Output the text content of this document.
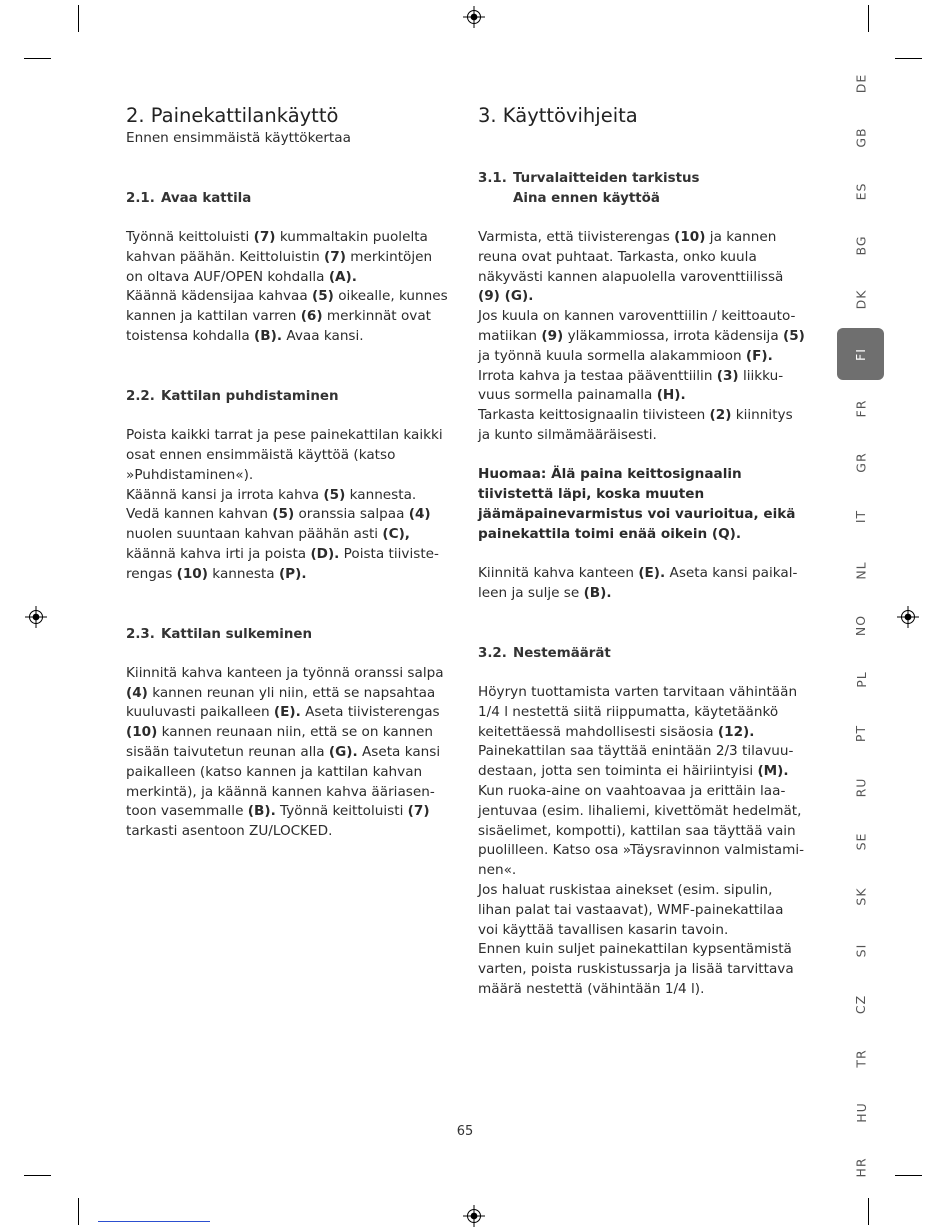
2. Painekattilankäyttö

Ennen ensimmäistä käyttökertaa

2.1. Avaa kattila

Työnnä keittoluisti (7) kummaltakin puolelta kahvan päähän. Keittoluistin (7) merkintöjen on oltava AUF/OPEN kohdalla (A).
Käännä kädensijaa kahvaa (5) oikealle, kunnes kannen ja kattilan varren (6) merkinnät ovat toistensa kohdalla (B). Avaa kansi.

2.2. Kattilan puhdistaminen

Poista kaikki tarrat ja pese painekattilan kaikki osat ennen ensimmäistä käyttöä (katso »Puhdistaminen«).
Käännä kansi ja irrota kahva (5) kannesta. Vedä kannen kahvan (5) oranssia salpaa (4) nuolen suuntaan kahvan päähän asti (C), käännä kahva irti ja poista (D). Poista tiiviste-rengas (10) kannesta (P).

2.3. Kattilan sulkeminen

Kiinnitä kahva kanteen ja työnnä oranssi salpa (4) kannen reunan yli niin, että se napsahtaa kuuluvasti paikalleen (E). Aseta tiivisterengas (10) kannen reunaan niin, että se on kannen sisään taivutetun reunan alla (G). Aseta kansi paikalleen (katso kannen ja kattilan kahvan merkintä), ja käännä kannen kahva ääriasen-toon vasemmalle (B). Työnnä keittoluisti (7) tarkasti asentoon ZU/LOCKED.

3. Käyttövihjeita

3.1. Turvalaitteiden tarkistus
Aina ennen käyttöä

Varmista, että tiivisterengas (10) ja kannen reuna ovat puhtaat. Tarkasta, onko kuula näkyvästi kannen alapuolella varoventtiilissä (9) (G).
Jos kuula on kannen varoventtiilin / keittoauto-matiikan (9) yläkammiossa, irrota kädensija (5) ja työnnä kuula sormella alakammioon (F).
Irrota kahva ja testaa pääventtiilin (3) liikku-vuus sormella painamalla (H).
Tarkasta keittosignaalin tiivisteen (2) kiinnitys ja kunto silmämääräisesti.

Huomaa: Älä paina keittosignaalin tiivistettä läpi, koska muuten jäämäpainevarmistus voi vaurioitua, eikä painekattila toimi enää oikein (Q).

Kiinnitä kahva kanteen (E). Aseta kansi paikal-leen ja sulje se (B).

3.2. Nestemäärät

Höyryn tuottamista varten tarvitaan vähintään 1/4 l nestettä siitä riippumatta, käytetäänkö keitettäessä mahdollisesti sisäosia (12).
Painekattilan saa täyttää enintään 2/3 tilavuu-destaan, jotta sen toiminta ei häiriintyisi (M).
Kun ruoka-aine on vaahtoavaa ja erittäin laa-jentuvaa (esim. lihaliemi, kivettömät hedelmät, sisäelimet, kompotti), kattilan saa täyttää vain puolilleen. Katso osa »Täysravinnon valmistami-nen«.
Jos haluat ruskistaa ainekset (esim. sipulin, lihan palat tai vastaavat), WMF-painekattilaa voi käyttää tavallisen kasarin tavoin.
Ennen kuin suljet painekattilan kypsentämistä varten, poista ruskistussarja ja lisää tarvittava määrä nestettä (vähintään 1/4 l).

DE
GB
ES
BG
DK
FI
FR
GR
IT
NL
NO
PL
PT
RU
SE
SK
SI
CZ
TR
HU
HR
65
